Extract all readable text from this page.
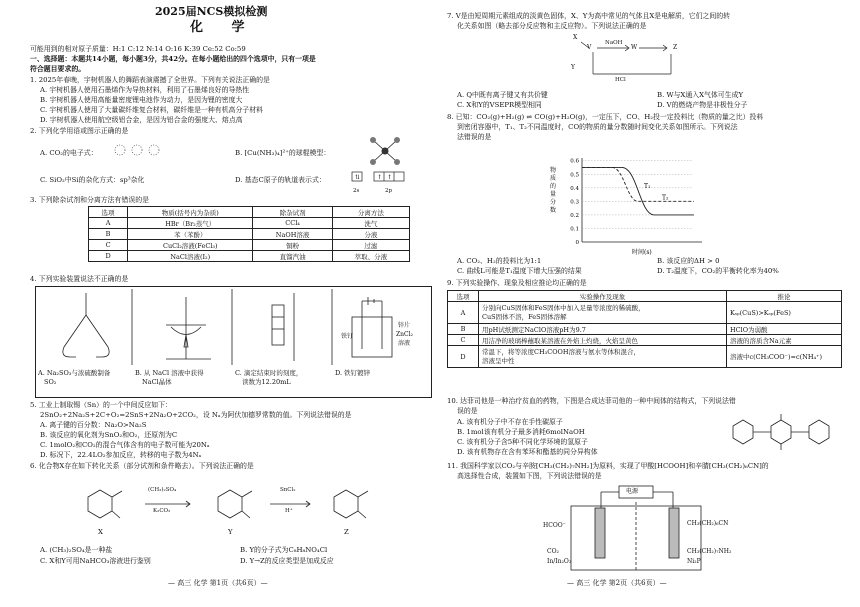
2025届NCS模拟检测
化 学
可能用到的相对原子质量：H:1 C:12 N:14 O:16 K:39 Ce:52 Co:59
一、选择题：本题共14小题，每小题3分，共42分。在每小题给出的四个选项中，只有一项是
符合题目要求的。
1. 2025年春晚，宇树机器人的舞蹈表演震撼了全世界。下列有关说法正确的是
A. 宇树机器人使用石墨烯作为导热材料，利用了石墨烯良好的导热性
B. 宇树机器人使用高能量密度锂电池作为动力，是因为锂的密度大
C. 宇树机器人使用了大量碳纤维复合材料，碳纤维是一种有机高分子材料
D. 宇树机器人使用航空级铝合金，是因为铝合金的强度大、熔点高
2. 下列化学用语或图示正确的是
A. CO₂的电子式：	B. [Cu(NH₃)₄]²⁺的球棍模型：
C. SiO₂中Si的杂化方式：sp³杂化	D. 基态C原子的轨道表示式：	⇅	↑ ↑
2s	2p
3. 下列除杂试剂和分离方法有错误的是
选项	物质(括号内为杂质)	除杂试剂	分离方法
A	HBr（Br₂蒸气）	CCl₄	洗气
B	苯（苯酚）	NaOH溶液	分液
C	CuCl₂溶液(FeCl₃)	铜粉	过滤
D	NaCl溶液(I₂)	直馏汽油	萃取、分液
4. 下列实验装置说法不正确的是
铁钉
锌片
ZnCl₂
溶液
A. Na₂SO₃与浓硫酸制备
SO₂
B. 从 NaCl 溶液中获得
NaCl晶体
C. 滴定结束时的刻度，
读数为12.20mL
D. 铁钉镀锌
5. 工业上制取锡（Sn）的一个中间反应如下：
2SnO₂+2Na₂S+2C+O₂=2SnS+2Na₂O+2CO₂，设 Nₐ为阿伏加德罗常数的值。下列说法错误的是
A. 离子键的百分数：Na₂O>Na₂S
B. 该反应的氧化剂为SnO₂和O₂，还原剂为C
C. 1molO₂和CO₂的混合气体含有的电子数可能为20Nₐ
D. 标况下，22.4LO₂参加反应，转移的电子数为4Nₐ
6. 化合物X存在如下转化关系（部分试剂和条件略去）。下列说法正确的是
(CH₃)₂SO₄
K₂CO₃
SnCl₂
H⁺
X	Y	Z
A. (CH₃)₂SO₄是一种盐	B. Y的分子式为C₈H₈NO₄Cl
C. X和Y可用NaHCO₃溶液进行鉴别	D. Y→Z的反应类型是加成反应
— 高三 化学 第1页（共6页）—
7. V是由短周期元素组成的淡黄色固体，X、Y为高中常见的气体且X是电解质，它们之间的转
化关系如图（略去部分反应物和主反应物）。下列说法正确的是
X
V	W
Y
Z
NaOH
HCl
A. Q中既有离子键又有共价键	B. W与X通入X气体可生成Y
C. X和Y的VSEPR模型相同	D. V的燃烧产物是非极性分子
8. 已知：CO₂(g)+H₂(g) ⇌ CO(g)+H₂O(g)，一定压下，CO、H₂投一定投料比（物质的量之比）投料
到密闭容器中，T₁、T₂不同温度时，CO的物质的量分数随时间变化关系如图所示。下列说法
法错误的是
0.6
0.5
0.4
0.3
0.2
0.1
0
物
质
的
量
分
数
时间(s)
T₁
T₂
A. CO₂、H₂的投料比为1:1	B. 该反应的ΔH > 0
C. 曲线L可能是T₁温度下增大压强的结果	D. T₂温度下，CO₂的平衡转化率为40%
9. 下列实验操作、现象及相应推论均正确的是
选项	实验操作及现象	推论
A	分别向CuS固体和FeS固体中加入足量等浓度的稀硫酸，
CuS固体不溶，FeS固体溶解	Kₛₚ(CuS)>Kₛₚ(FeS)
B	用pH试纸测定NaClO溶液pH为9.7	HClO为弱酸
C	用洁净的玻璃棒蘸取某溶液在外焰上灼烧，火焰呈黄色	溶液的溶质含Na元素
D	常温下，将等浓度CH₃COOH溶液与氨水等体积混合，
溶液呈中性	溶液中c(CH₃COO⁻)=c(NH₄⁺)
10. 达菲司他是一种治疗贫血的药物，下图是合成达菲司他的一种中间体的结构式，下列说法错
误的是
A. 该有机分子中不存在手性碳原子
B. 1mol该有机分子最多消耗6molNaOH
C. 该有机分子含5种不同化学环境的氢原子
D. 该有机物存在含有苯环和酯基的同分异构体
11. 我国科学家以CO₂与辛胺[CH₃(CH₂)₇NH₂]为原料，实现了甲酸[HCOOH]和辛腈[CH₃(CH₂)₆CN]的
高选择性合成，装置如下图，下列说法错误的是
电源
HCOO⁻
CO₂
In/In₂O₃
CH₃(CH₂)₆CN
CH₃(CH₂)₇NH₂
Ni₂P
— 高三 化学 第2页（共6页）—
